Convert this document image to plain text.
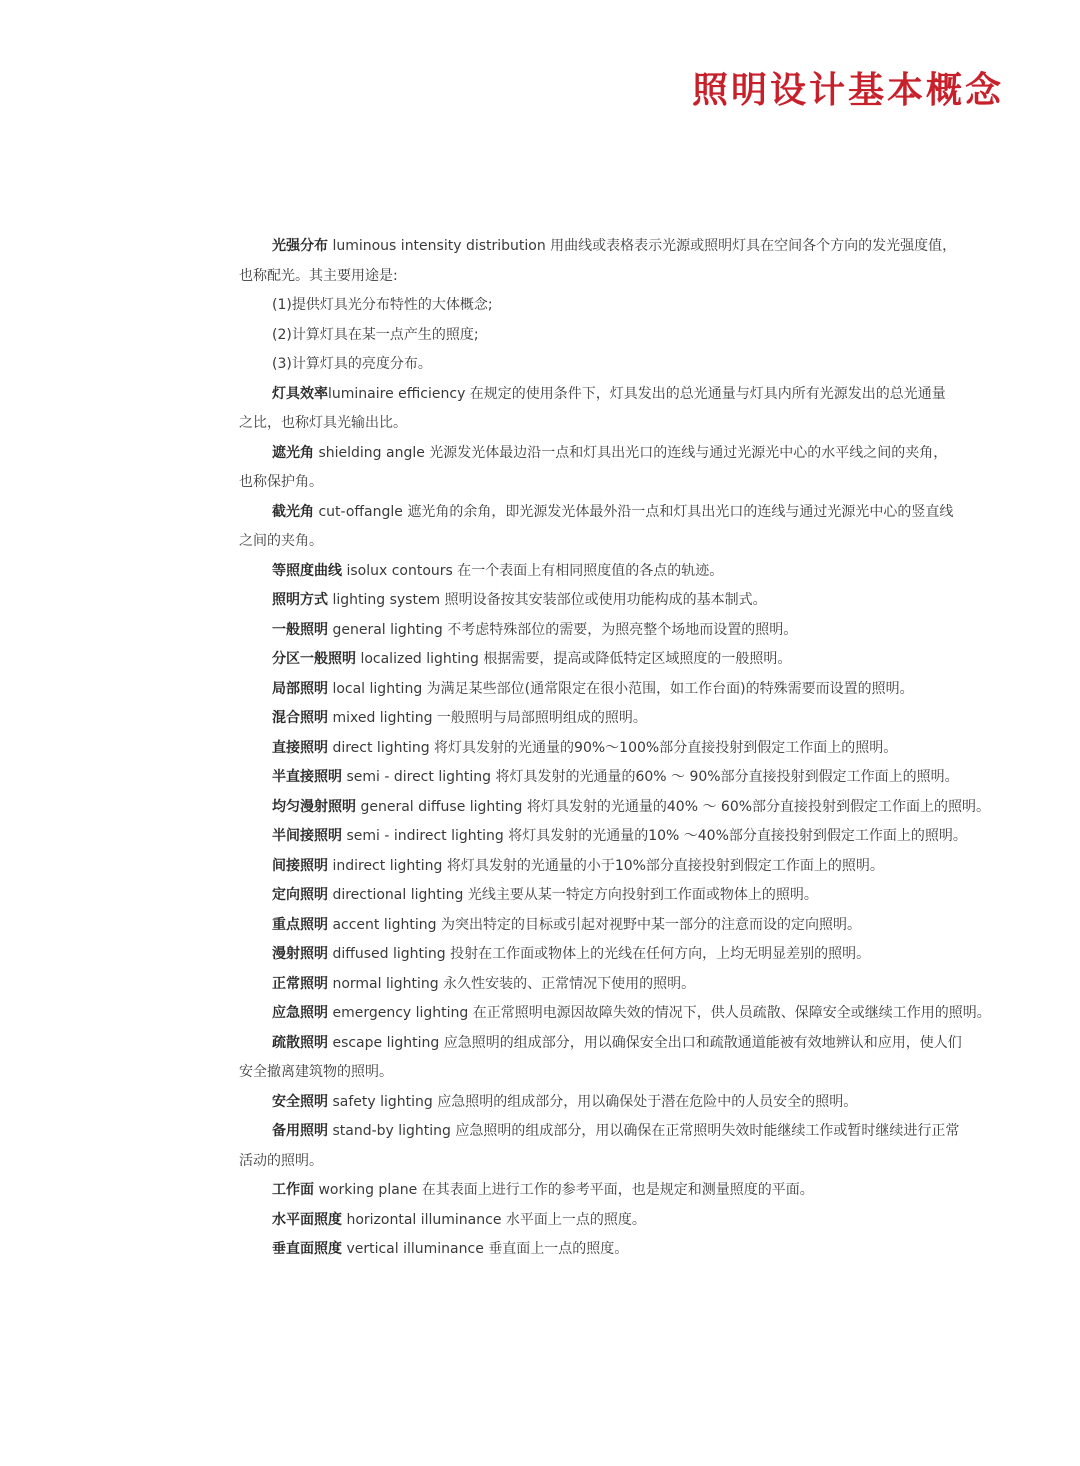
照明设计基本概念
光强分布 luminous intensity distribution 用曲线或表格表示光源或照明灯具在空间各个方向的发光强度值，
也称配光。其主要用途是:
(1)提供灯具光分布特性的大体概念;
(2)计算灯具在某一点产生的照度;
(3)计算灯具的亮度分布。
灯具效率luminaire efficiency 在规定的使用条件下，灯具发出的总光通量与灯具内所有光源发出的总光通量
之比，也称灯具光输出比。
遮光角 shielding angle 光源发光体最边沿一点和灯具出光口的连线与通过光源光中心的水平线之间的夹角，
也称保护角。
截光角 cut-offangle 遮光角的余角，即光源发光体最外沿一点和灯具出光口的连线与通过光源光中心的竖直线
之间的夹角。
等照度曲线 isolux contours 在一个表面上有相同照度值的各点的轨迹。
照明方式 lighting system 照明设备按其安装部位或使用功能构成的基本制式。
一般照明 general lighting 不考虑特殊部位的需要，为照亮整个场地而设置的照明。
分区一般照明 localized lighting 根据需要，提高或降低特定区域照度的一般照明。
局部照明 local lighting 为满足某些部位(通常限定在很小范围，如工作台面)的特殊需要而设置的照明。
混合照明 mixed lighting 一般照明与局部照明组成的照明。
直接照明 direct lighting 将灯具发射的光通量的90%～100%部分直接投射到假定工作面上的照明。
半直接照明 semi - direct lighting 将灯具发射的光通量的60% ～ 90%部分直接投射到假定工作面上的照明。
均匀漫射照明 general diffuse lighting 将灯具发射的光通量的40% ～ 60%部分直接投射到假定工作面上的照明。
半间接照明 semi - indirect lighting 将灯具发射的光通量的10% ～40%部分直接投射到假定工作面上的照明。
间接照明 indirect lighting 将灯具发射的光通量的小于10%部分直接投射到假定工作面上的照明。
定向照明 directional lighting 光线主要从某一特定方向投射到工作面或物体上的照明。
重点照明 accent lighting 为突出特定的目标或引起对视野中某一部分的注意而设的定向照明。
漫射照明 diffused lighting 投射在工作面或物体上的光线在任何方向，上均无明显差别的照明。
正常照明 normal lighting 永久性安装的、正常情况下使用的照明。
应急照明 emergency lighting 在正常照明电源因故障失效的情况下，供人员疏散、保障安全或继续工作用的照明。
疏散照明 escape lighting 应急照明的组成部分，用以确保安全出口和疏散通道能被有效地辨认和应用，使人们
安全撤离建筑物的照明。
安全照明 safety lighting 应急照明的组成部分，用以确保处于潜在危险中的人员安全的照明。
备用照明 stand-by lighting 应急照明的组成部分，用以确保在正常照明失效时能继续工作或暂时继续进行正常
活动的照明。
工作面 working plane 在其表面上进行工作的参考平面，也是规定和测量照度的平面。
水平面照度 horizontal illuminance 水平面上一点的照度。
垂直面照度 vertical illuminance 垂直面上一点的照度。
